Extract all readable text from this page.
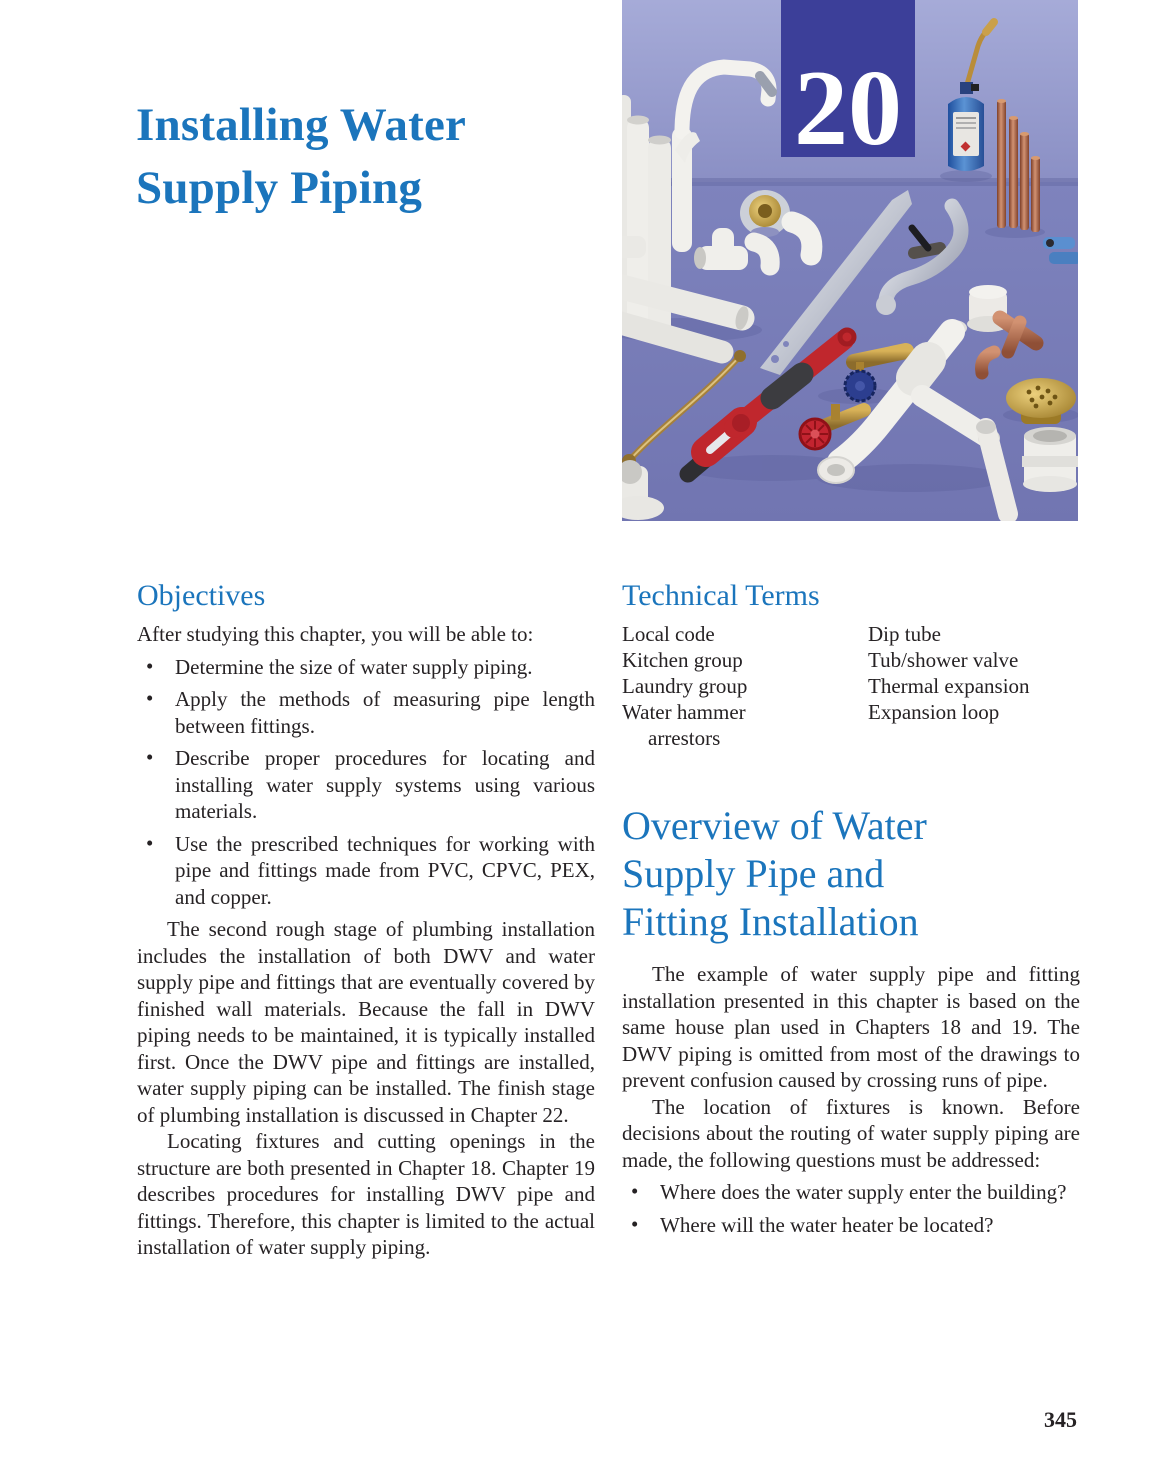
Installing Water
Supply Piping
20
Objectives

After studying this chapter, you will be able to:

• Determine the size of water supply piping.
• Apply the methods of measuring pipe length between fittings.
• Describe proper procedures for locating and installing water supply systems using various materials.
• Use the prescribed techniques for working with pipe and fittings made from PVC, CPVC, PEX, and copper.

The second rough stage of plumbing installation includes the installation of both DWV and water supply pipe and fittings that are eventually covered by finished wall materials. Because the fall in DWV piping needs to be maintained, it is typically installed first. Once the DWV pipe and fittings are installed, water supply piping can be installed. The finish stage of plumbing installation is discussed in Chapter 22.

Locating fixtures and cutting openings in the structure are both presented in Chapter 18. Chapter 19 describes procedures for installing DWV pipe and fittings. Therefore, this chapter is limited to the actual installation of water supply piping.

Technical Terms
Local code
Kitchen group
Laundry group
Water hammer arrestors
Dip tube
Tub/shower valve
Thermal expansion
Expansion loop
Overview of Water
Supply Pipe and
Fitting Installation

The example of water supply pipe and fitting installation presented in this chapter is based on the same house plan used in Chapters 18 and 19. The DWV piping is omitted from most of the drawings to prevent confusion caused by crossing runs of pipe.

The location of fixtures is known. Before decisions about the routing of water supply piping are made, the following questions must be addressed:

• Where does the water supply enter the building?
• Where will the water heater be located?
345
